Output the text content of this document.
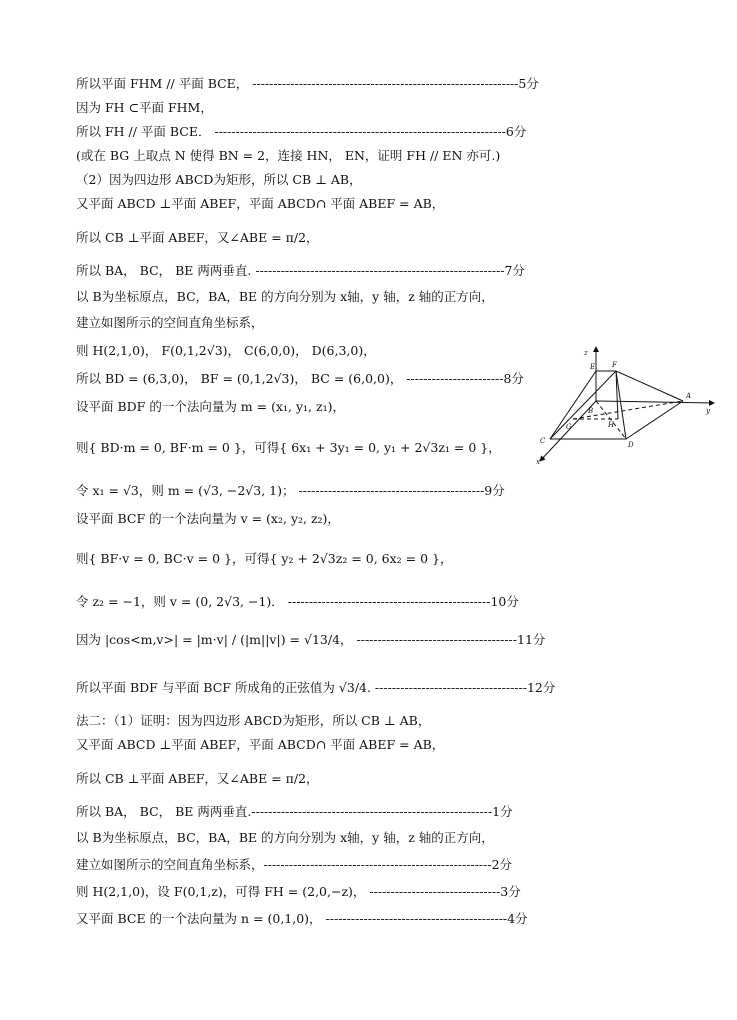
所以平面 FHM // 平面 BCE， ---------------------------------------------------------------5分
因为 FH ⊂平面 FHM，
所以 FH // 平面 BCE． ---------------------------------------------------------------------6分
(或在 BG 上取点 N 使得 BN = 2，连接 HN， EN，证明 FH // EN 亦可.)
（2）因为四边形 ABCD为矩形，所以 CB ⊥ AB，
又平面 ABCD ⊥平面 ABEF，平面 ABCD∩ 平面 ABEF = AB，
所以 CB ⊥平面 ABEF，又∠ABE = π/2，
所以 BA， BC， BE 两两垂直. -----------------------------------------------------------7分
以 B为坐标原点，BC，BA，BE 的方向分别为 x轴，y 轴，z 轴的正方向，
建立如图所示的空间直角坐标系，
则 H(2,1,0)， F(0,1,2√3)， C(6,0,0)， D(6,3,0)，
所以 BD = (6,3,0)， BF = (0,1,2√3)， BC = (6,0,0)， -----------------------8分
设平面 BDF 的一个法向量为 m = (x₁, y₁, z₁)，
则{ BD·m = 0, BF·m = 0 }，可得{ 6x₁ + 3y₁ = 0, y₁ + 2√3z₁ = 0 }，
令 x₁ = √3，则 m = (√3, −2√3, 1)； --------------------------------------------9分
设平面 BCF 的一个法向量为 v = (x₂, y₂, z₂)，
则{ BF·v = 0, BC·v = 0 }，可得{ y₂ + 2√3z₂ = 0, 6x₂ = 0 }，
令 z₂ = −1，则 v = (0, 2√3, −1)． ------------------------------------------------10分
因为 |cos<m,v>| = |m·v| / (|m||v|) = √13/4， --------------------------------------11分
所以平面 BDF 与平面 BCF 所成角的正弦值为 √3/4. ------------------------------------12分
法二：（1）证明：因为四边形 ABCD为矩形，所以 CB ⊥ AB，
又平面 ABCD ⊥平面 ABEF，平面 ABCD∩ 平面 ABEF = AB，
所以 CB ⊥平面 ABEF，又∠ABE = π/2，
所以 BA， BC， BE 两两垂直.---------------------------------------------------------1分
以 B为坐标原点，BC，BA，BE 的方向分别为 x轴，y 轴，z 轴的正方向，
建立如图所示的空间直角坐标系，------------------------------------------------------2分
则 H(2,1,0)，设 F(0,1,z)，可得 FH = (2,0,−z)， -------------------------------3分
又平面 BCE 的一个法向量为 n = (0,1,0)， -------------------------------------------4分
z
E F
A
y
B
G	H
C	D
x
